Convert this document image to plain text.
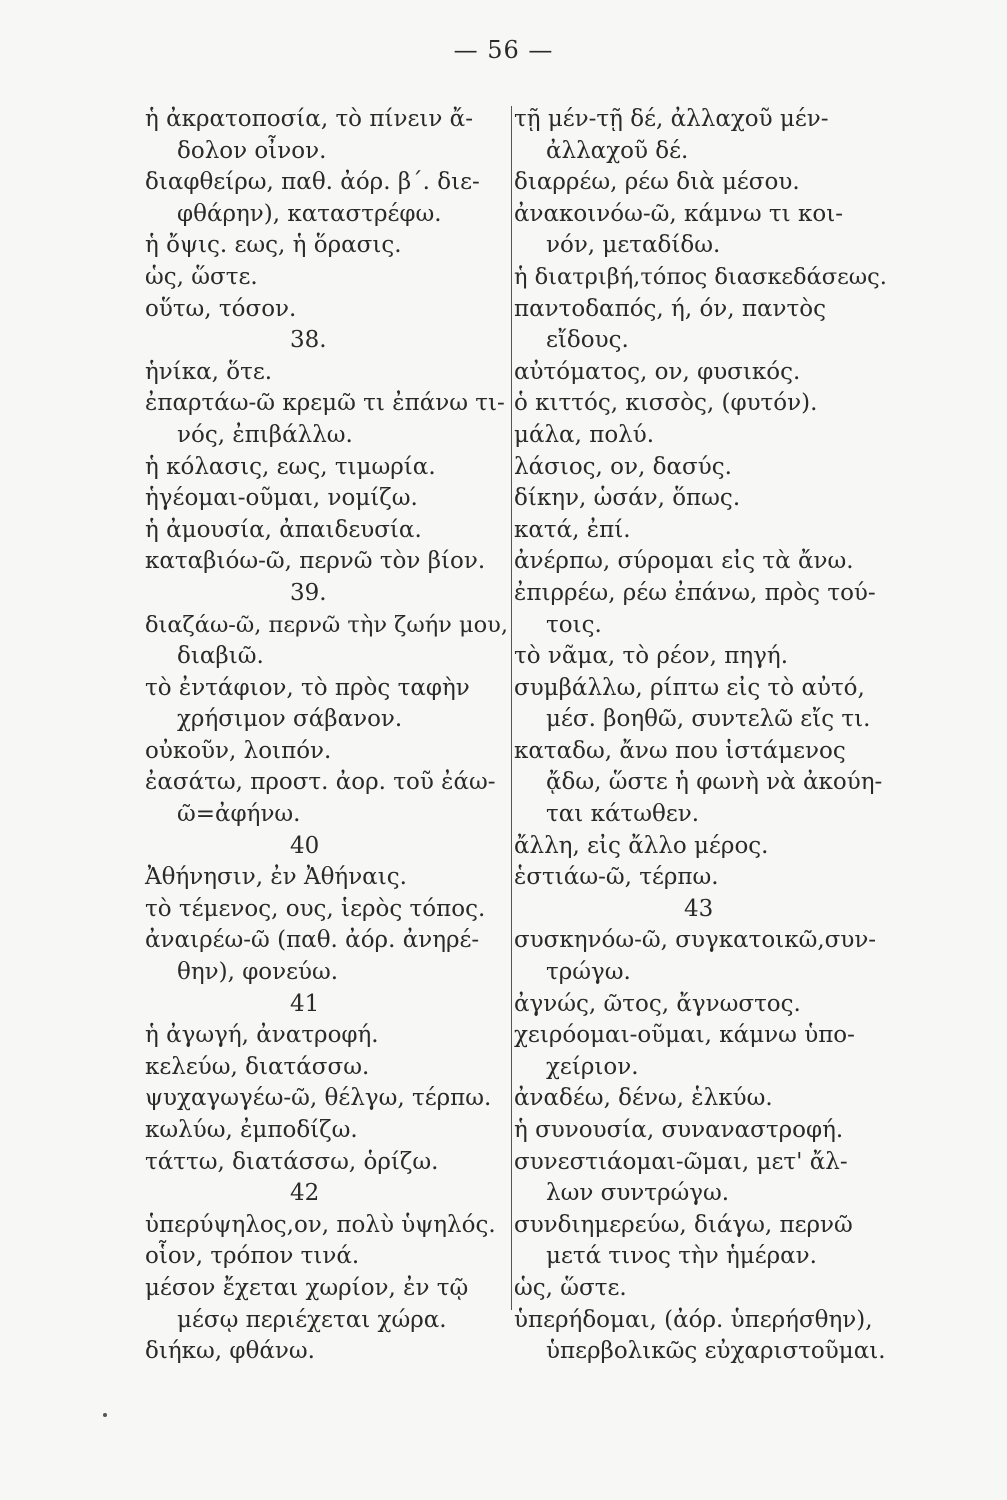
— 56 —
ἡ ἀκρατοποσία, τὸ πίνειν ἄ-
δολον οἶνον.
διαφθείρω, παθ. ἀόρ. β΄. διε-
φθάρην), καταστρέφω.
ἡ ὄψις. εως, ἡ ὅρασις.
ὡς, ὥστε.
οὕτω, τόσον.
38.
ἡνίκα, ὅτε.
ἐπαρτάω-ῶ κρεμῶ τι ἐπάνω τι-
νός, ἐπιβάλλω.
ἡ κόλασις, εως, τιμωρία.
ἡγέομαι-οῦμαι, νομίζω.
ἡ ἀμουσία, ἀπαιδευσία.
καταβιόω-ῶ, περνῶ τὸν βίον.
39.
διαζάω-ῶ, περνῶ τὴν ζωήν μου,
διαβιῶ.
τὸ ἐντάφιον, τὸ πρὸς ταφὴν
χρήσιμον σάβανον.
οὐκοῦν, λοιπόν.
ἐασάτω, προστ. ἀορ. τοῦ ἐάω-
ῶ=ἀφήνω.
40
Ἀθήνησιν, ἐν Ἀθήναις.
τὸ τέμενος, ους, ἱερὸς τόπος.
ἀναιρέω-ῶ (παθ. ἀόρ. ἀνηρέ-
θην), φονεύω.
41
ἡ ἀγωγή, ἀνατροφή.
κελεύω, διατάσσω.
ψυχαγωγέω-ῶ, θέλγω, τέρπω.
κωλύω, ἐμποδίζω.
τάττω, διατάσσω, ὁρίζω.
42
ὑπερύψηλος,ον, πολὺ ὑψηλός.
οἷον, τρόπον τινά.
μέσον ἔχεται χωρίον, ἐν τῷ
μέσῳ περιέχεται χώρα.
διήκω, φθάνω.
τῇ μέν-τῇ δέ, ἀλλαχοῦ μέν-
ἀλλαχοῦ δέ.
διαρρέω, ρέω διὰ μέσου.
ἀνακοινόω-ῶ, κάμνω τι κοι-
νόν, μεταδίδω.
ἡ διατριβή,τόπος διασκεδάσεως.
παντοδαπός, ή, όν, παντὸς
εἴδους.
αὐτόματος, ον, φυσικός.
ὁ κιττός, κισσὸς, (φυτόν).
μάλα, πολύ.
λάσιος, ον, δασύς.
δίκην, ὡσάν, ὅπως.
κατά, ἐπί.
ἀνέρπω, σύρομαι εἰς τὰ ἄνω.
ἐπιρρέω, ρέω ἐπάνω, πρὸς τού-
τοις.
τὸ νᾶμα, τὸ ρέον, πηγή.
συμβάλλω, ρίπτω εἰς τὸ αὐτό,
μέσ. βοηθῶ, συντελῶ εἴς τι.
καταδω, ἄνω που ἱστάμενος
ᾄδω, ὥστε ἡ φωνὴ νὰ ἀκούη-
ται κάτωθεν.
ἄλλη, εἰς ἄλλο μέρος.
ἑστιάω-ῶ, τέρπω.
43
συσκηνόω-ῶ, συγκατοικῶ,συν-
τρώγω.
ἀγνώς, ῶτος, ἄγνωστος.
χειρόομαι-οῦμαι, κάμνω ὑπο-
χείριον.
ἀναδέω, δένω, ἑλκύω.
ἡ συνουσία, συναναστροφή.
συνεστιάομαι-ῶμαι, μετ' ἄλ-
λων συντρώγω.
συνδιημερεύω, διάγω, περνῶ
μετά τινος τὴν ἡμέραν.
ὡς, ὥστε.
ὑπερήδομαι, (ἀόρ. ὑπερήσθην),
ὑπερβολικῶς εὐχαριστοῦμαι.
